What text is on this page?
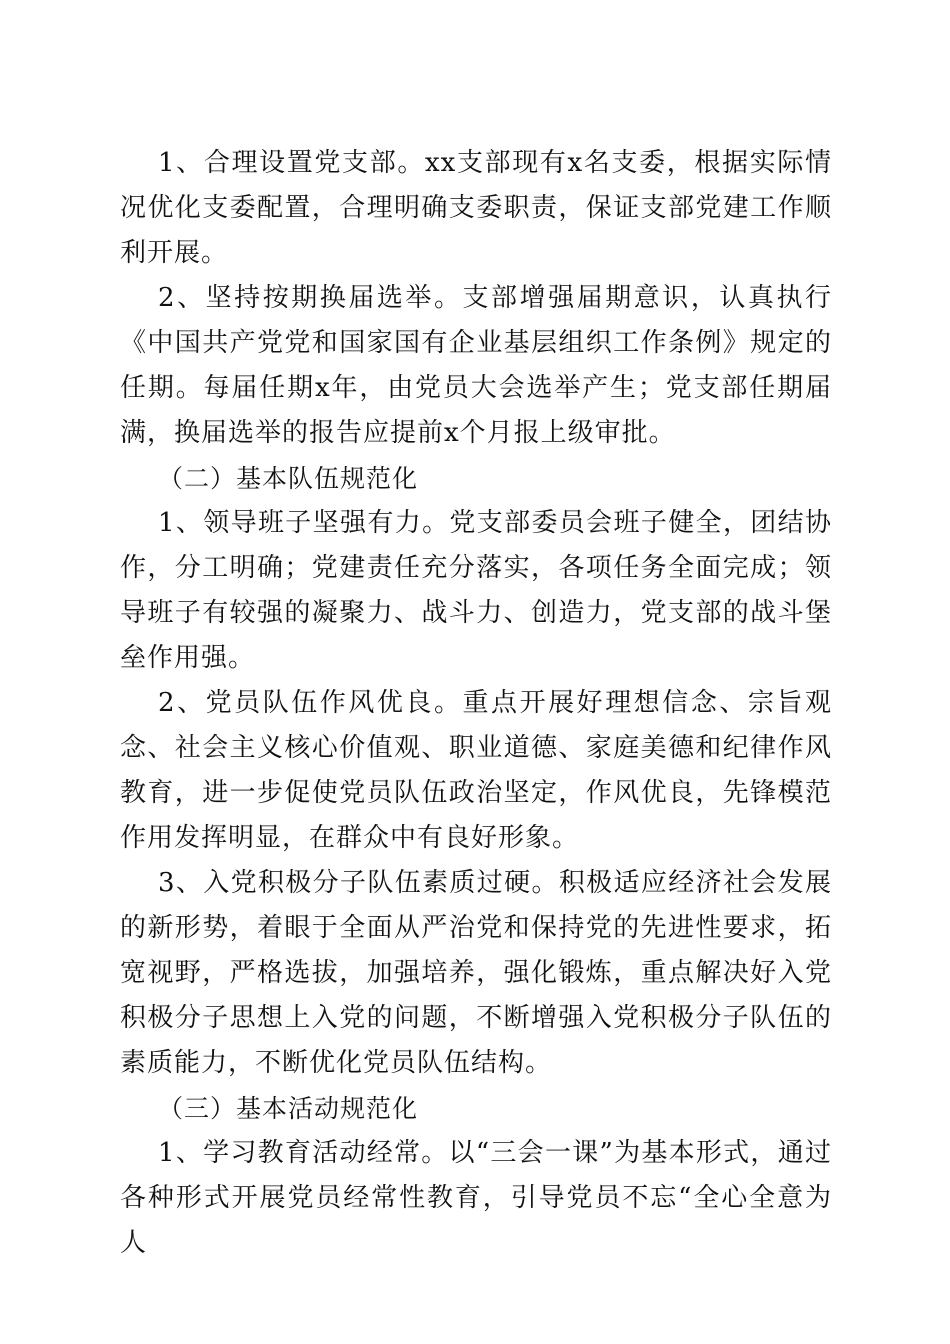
1、合理设置党支部。xx支部现有x名支委，根据实际情况优化支委配置，合理明确支委职责，保证支部党建工作顺利开展。

2、坚持按期换届选举。支部增强届期意识，认真执行《中国共产党党和国家国有企业基层组织工作条例》规定的任期。每届任期x年，由党员大会选举产生；党支部任期届满，换届选举的报告应提前x个月报上级审批。

（二）基本队伍规范化

1、领导班子坚强有力。党支部委员会班子健全，团结协作，分工明确；党建责任充分落实，各项任务全面完成；领导班子有较强的凝聚力、战斗力、创造力，党支部的战斗堡垒作用强。

2、党员队伍作风优良。重点开展好理想信念、宗旨观念、社会主义核心价值观、职业道德、家庭美德和纪律作风教育，进一步促使党员队伍政治坚定，作风优良，先锋模范作用发挥明显，在群众中有良好形象。

3、入党积极分子队伍素质过硬。积极适应经济社会发展的新形势，着眼于全面从严治党和保持党的先进性要求，拓宽视野，严格选拔，加强培养，强化锻炼，重点解决好入党积极分子思想上入党的问题，不断增强入党积极分子队伍的素质能力，不断优化党员队伍结构。

（三）基本活动规范化

1、学习教育活动经常。以“三会一课”为基本形式，通过各种形式开展党员经常性教育，引导党员不忘“全心全意为人
